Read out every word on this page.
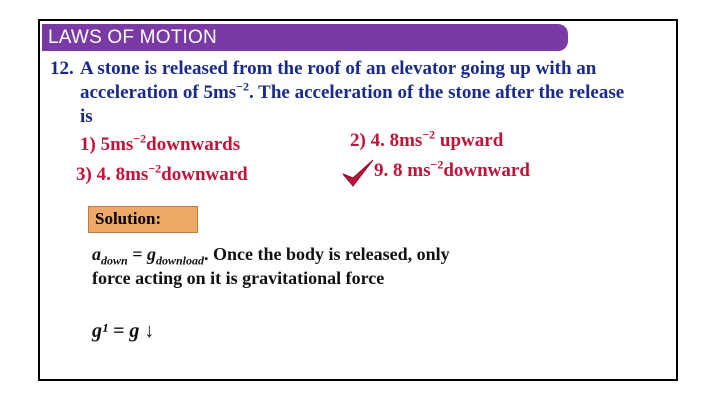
LAWS OF MOTION
12. A stone is released from the roof of an elevator going up with an
acceleration of $5ms^{-2}$. The acceleration of the stone after the release
is
1) $5ms^{-2}downwards$	2) 4. $8ms^{-2}$ upward
3) 4. $8ms^{-2}downward$	9. 8 $ms^{-2}downward$
Solution:
$a_{down} = g_{download}$. Once the body is released, only
force acting on it is gravitational force
g¹ = g ↓
